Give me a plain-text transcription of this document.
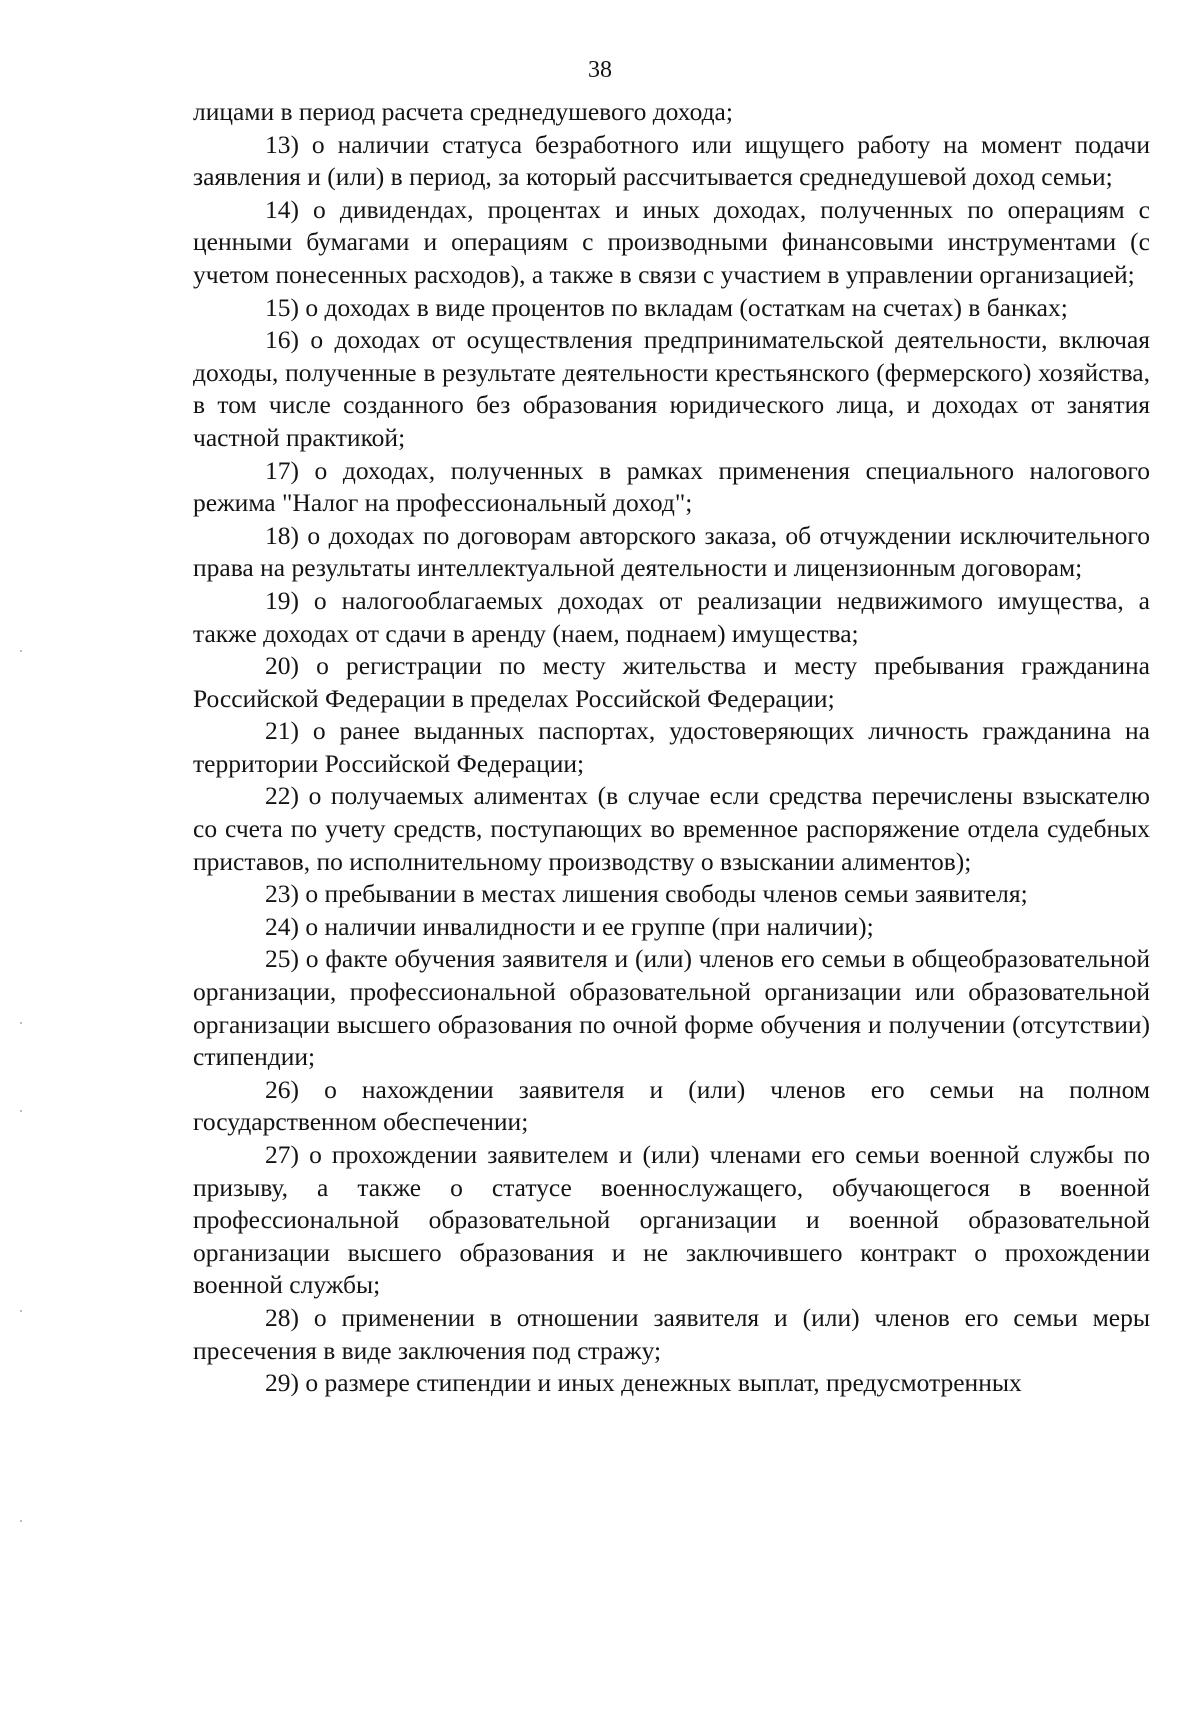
38

лицами в период расчета среднедушевого дохода;

13) о наличии статуса безработного или ищущего работу на момент подачи заявления и (или) в период, за который рассчитывается среднедушевой доход семьи;

14) о дивидендах, процентах и иных доходах, полученных по операциям с ценными бумагами и операциям с производными финансовыми инструментами (с учетом понесенных расходов), а также в связи с участием в управлении организацией;

15) о доходах в виде процентов по вкладам (остаткам на счетах) в банках;

16) о доходах от осуществления предпринимательской деятельности, включая доходы, полученные в результате деятельности крестьянского (фермерского) хозяйства, в том числе созданного без образования юридического лица, и доходах от занятия частной практикой;

17) о доходах, полученных в рамках применения специального налогового режима "Налог на профессиональный доход";

18) о доходах по договорам авторского заказа, об отчуждении исключительного права на результаты интеллектуальной деятельности и лицензионным договорам;

19) о налогооблагаемых доходах от реализации недвижимого имущества, а также доходах от сдачи в аренду (наем, поднаем) имущества;

20) о регистрации по месту жительства и месту пребывания гражданина Российской Федерации в пределах Российской Федерации;

21) о ранее выданных паспортах, удостоверяющих личность гражданина на территории Российской Федерации;

22) о получаемых алиментах (в случае если средства перечислены взыскателю со счета по учету средств, поступающих во временное распоряжение отдела судебных приставов, по исполнительному производству о взыскании алиментов);

23) о пребывании в местах лишения свободы членов семьи заявителя;

24) о наличии инвалидности и ее группе (при наличии);

25) о факте обучения заявителя и (или) членов его семьи в общеобразовательной организации, профессиональной образовательной организации или образовательной организации высшего образования по очной форме обучения и получении (отсутствии) стипендии;

26) о нахождении заявителя и (или) членов его семьи на полном государственном обеспечении;

27) о прохождении заявителем и (или) членами его семьи военной службы по призыву, а также о статусе военнослужащего, обучающегося в военной профессиональной образовательной организации и военной образовательной организации высшего образования и не заключившего контракт о прохождении военной службы;

28) о применении в отношении заявителя и (или) членов его семьи меры пресечения в виде заключения под стражу;

29) о размере стипендии и иных денежных выплат, предусмотренных
